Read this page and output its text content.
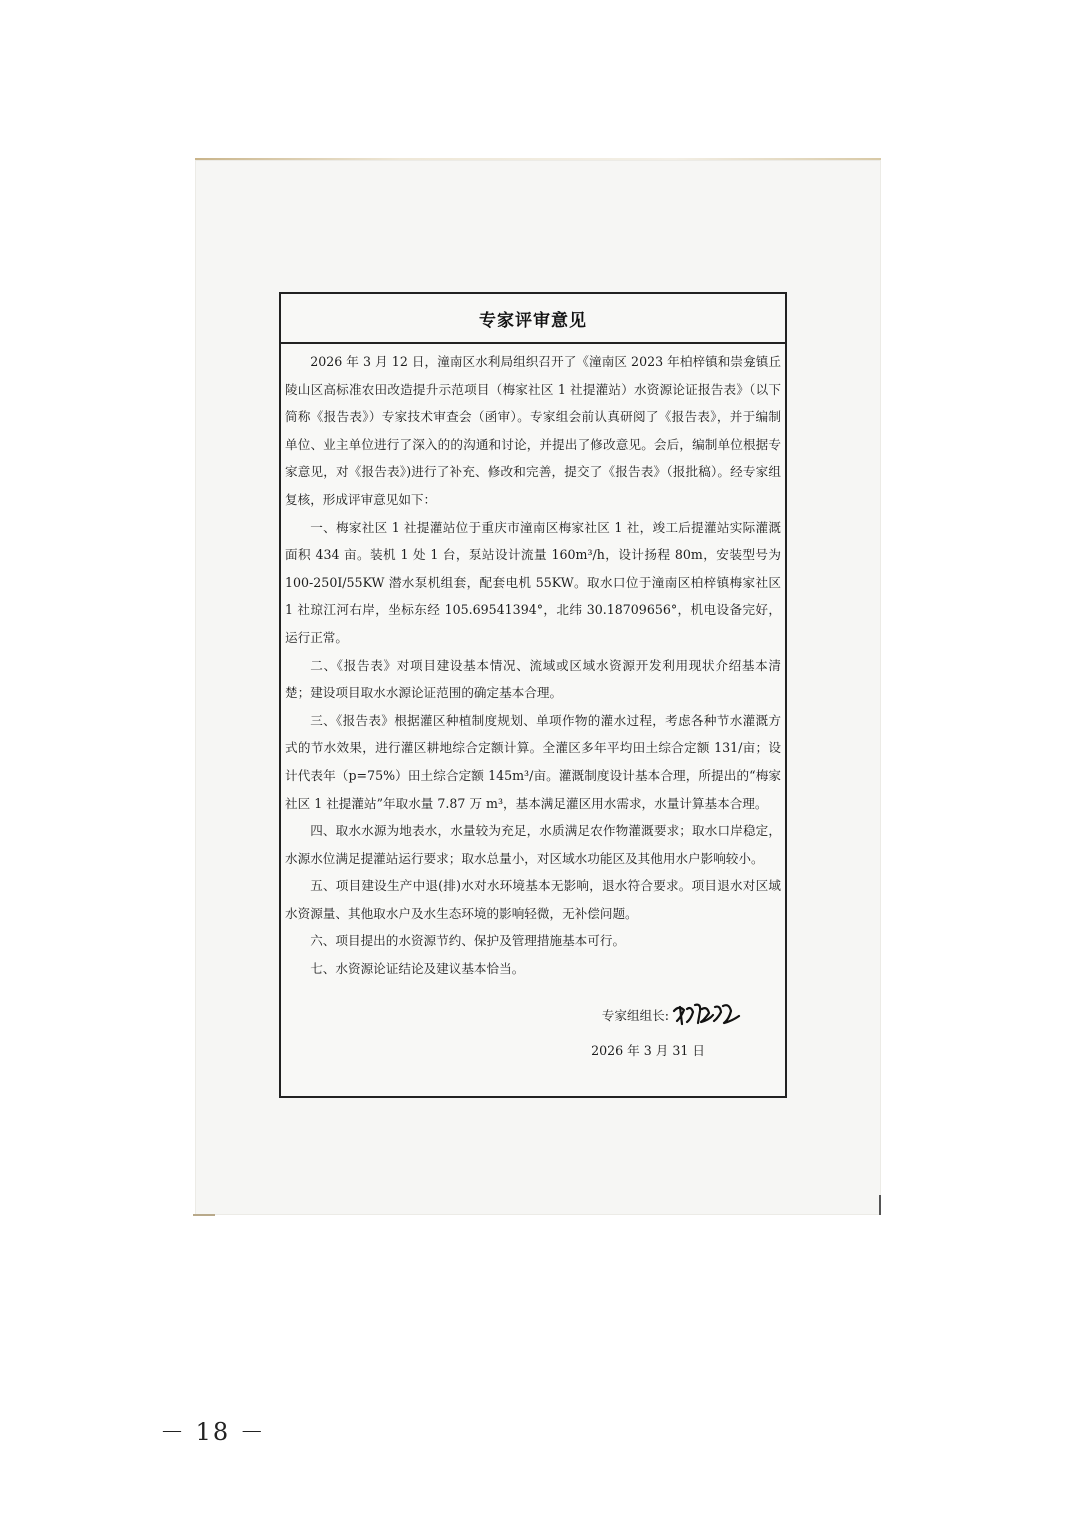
专家评审意见

2026 年 3 月 12 日，潼南区水利局组织召开了《潼南区 2023 年柏梓镇和崇龛镇丘陵山区高标准农田改造提升示范项目（梅家社区 1 社提灌站）水资源论证报告表》（以下简称《报告表》）专家技术审查会（函审）。专家组会前认真研阅了《报告表》，并于编制单位、业主单位进行了深入的的沟通和讨论，并提出了修改意见。会后，编制单位根据专家意见，对《报告表》)进行了补充、修改和完善，提交了《报告表》（报批稿）。经专家组复核，形成评审意见如下：

一、梅家社区 1 社提灌站位于重庆市潼南区梅家社区 1 社，竣工后提灌站实际灌溉面积 434 亩。装机 1 处 1 台，泵站设计流量 160m³/h，设计扬程 80m，安装型号为 100-250I/55KW 潜水泵机组套，配套电机 55KW。取水口位于潼南区柏梓镇梅家社区 1 社琼江河右岸，坐标东经 105.69541394°，北纬 30.18709656°，机电设备完好，运行正常。

二、《报告表》对项目建设基本情况、流域或区域水资源开发利用现状介绍基本清楚；建设项目取水水源论证范围的确定基本合理。

三、《报告表》根据灌区种植制度规划、单项作物的灌水过程，考虑各种节水灌溉方式的节水效果，进行灌区耕地综合定额计算。全灌区多年平均田土综合定额 131/亩；设计代表年（p=75%）田土综合定额 145m³/亩。灌溉制度设计基本合理，所提出的“梅家社区 1 社提灌站”年取水量 7.87 万 m³，基本满足灌区用水需求，水量计算基本合理。

四、取水水源为地表水，水量较为充足，水质满足农作物灌溉要求；取水口岸稳定，水源水位满足提灌站运行要求；取水总量小，对区域水功能区及其他用水户影响较小。

五、项目建设生产中退(排)水对水环境基本无影响，退水符合要求。项目退水对区域水资源量、其他取水户及水生态环境的影响轻微，无补偿问题。

六、项目提出的水资源节约、保护及管理措施基本可行。

七、水资源论证结论及建议基本恰当。

专家组组长:
2026 年 3 月 31 日
－ 18 －
